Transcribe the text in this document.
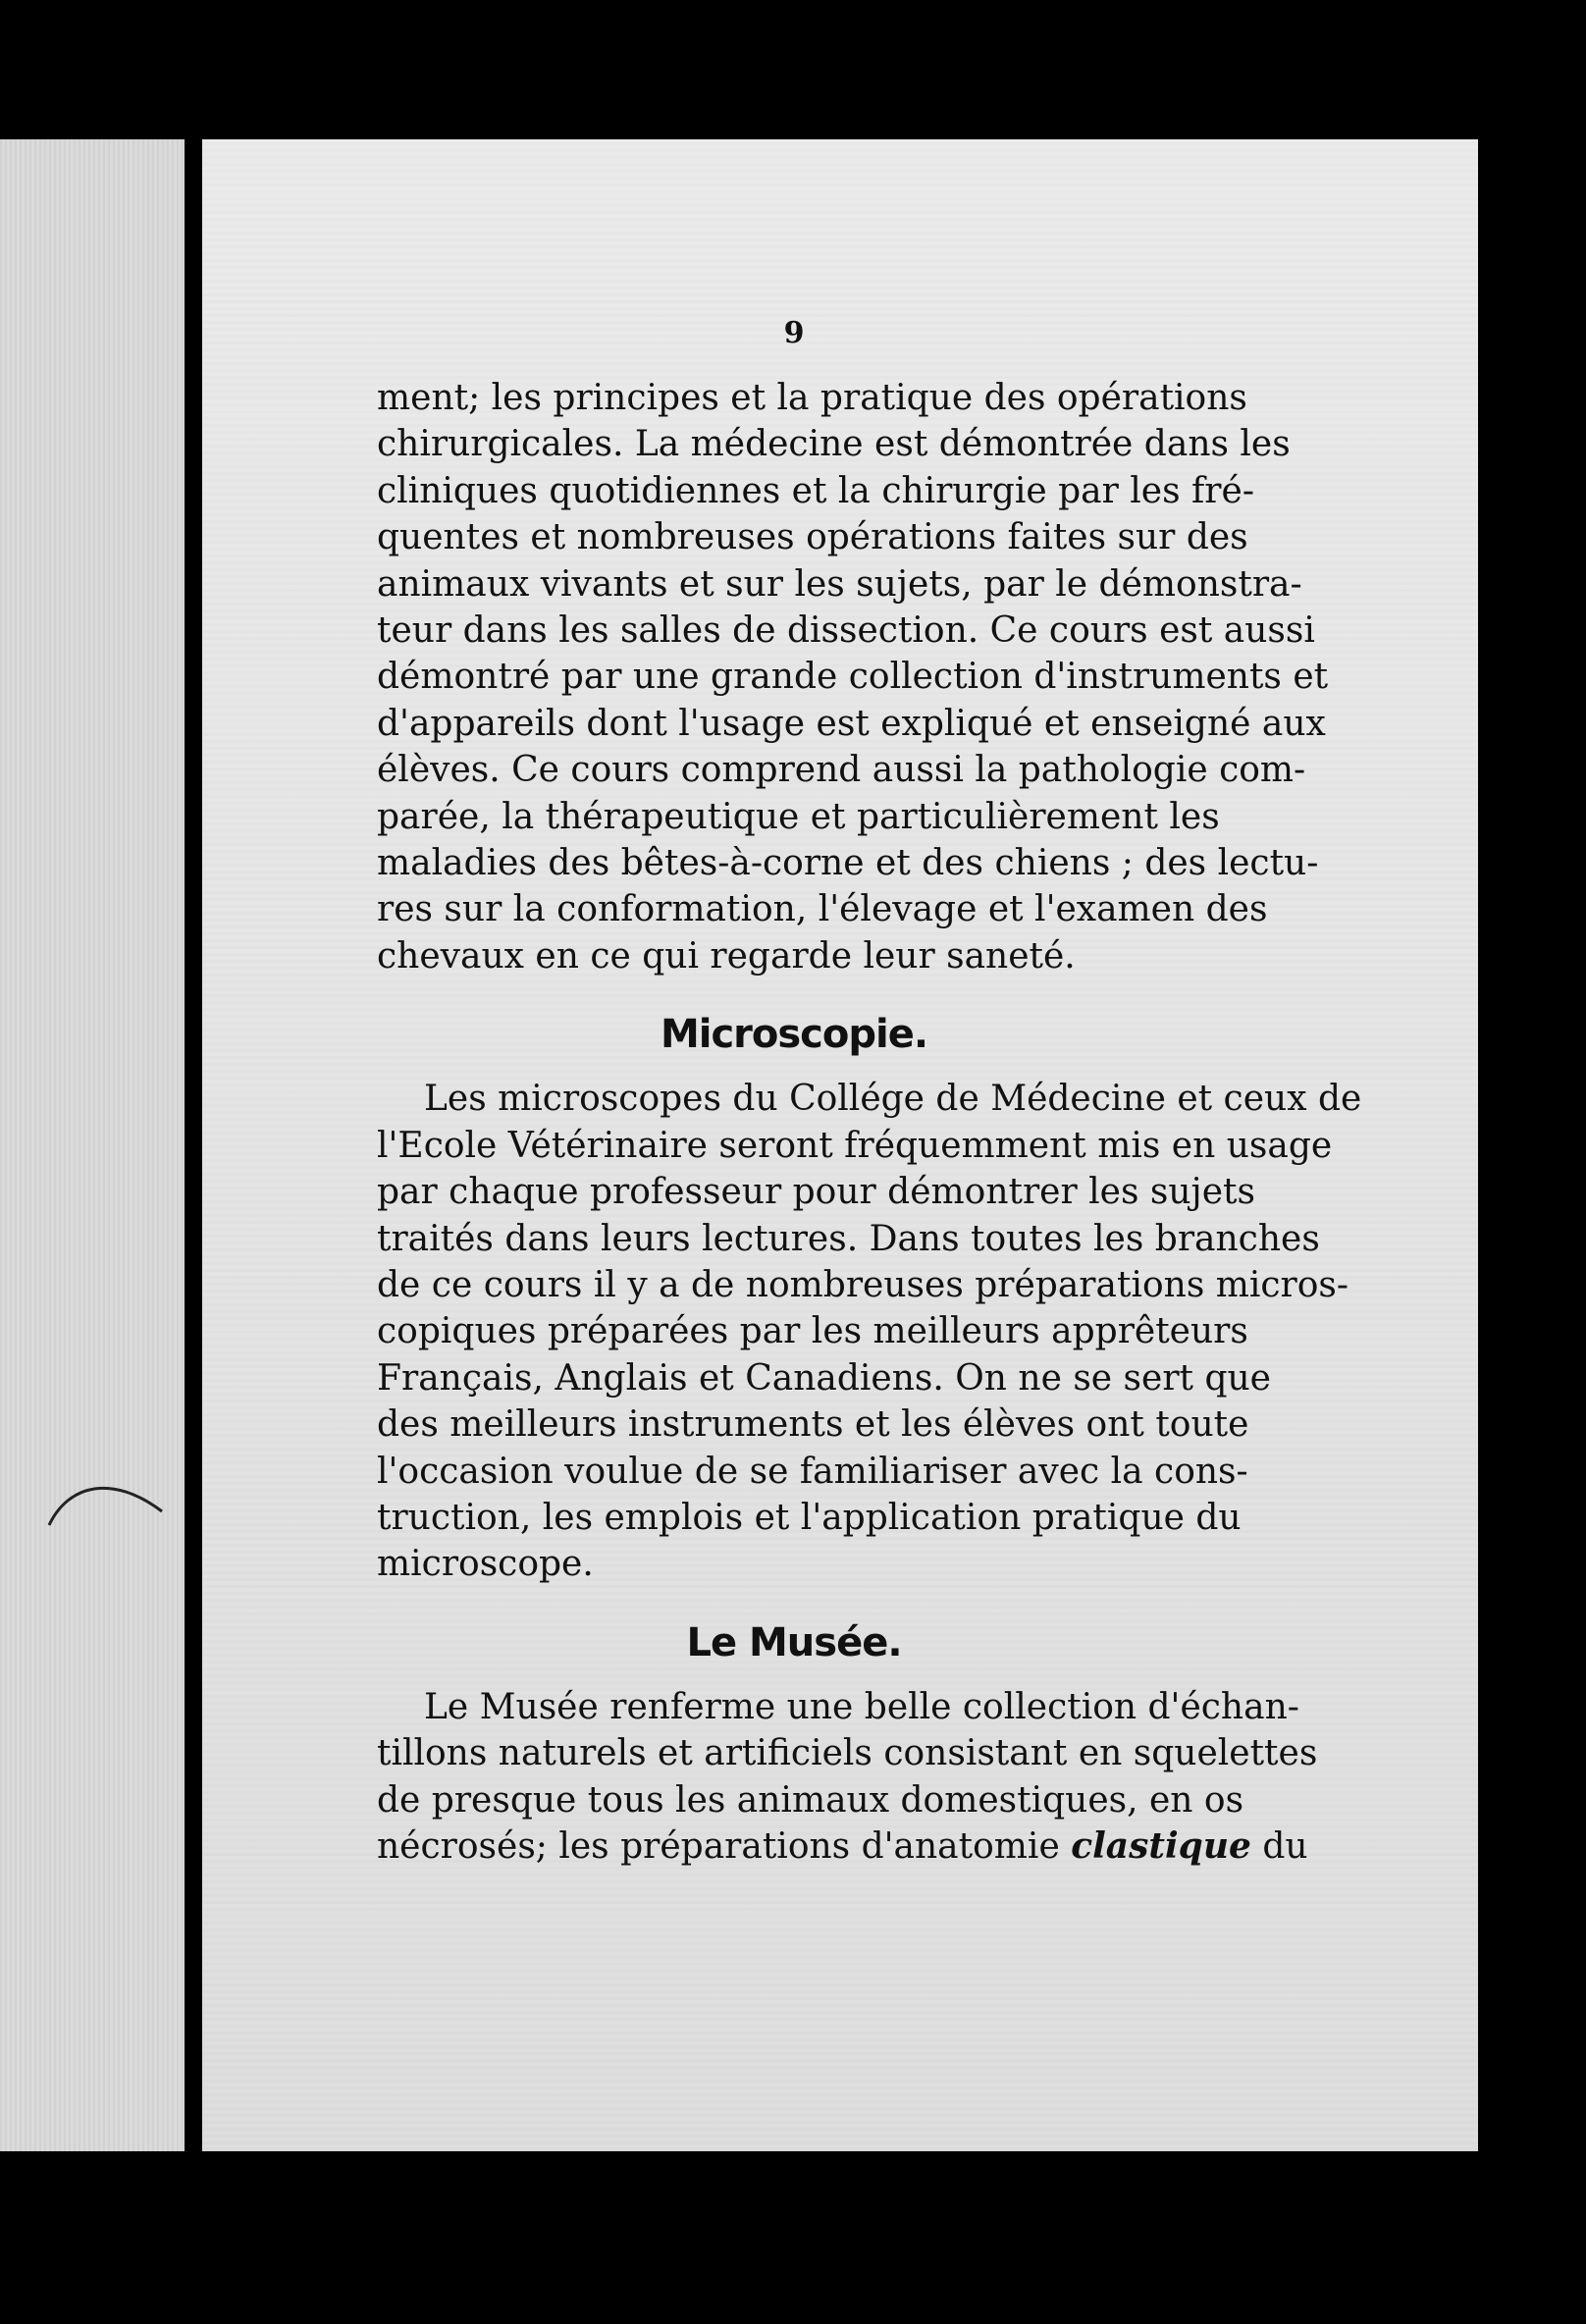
9

ment; les principes et la pratique des opérations
chirurgicales. La médecine est démontrée dans les
cliniques quotidiennes et la chirurgie par les fré-
quentes et nombreuses opérations faites sur des
animaux vivants et sur les sujets, par le démonstra-
teur dans les salles de dissection. Ce cours est aussi
démontré par une grande collection d'instruments et
d'appareils dont l'usage est expliqué et enseigné aux
élèves. Ce cours comprend aussi la pathologie com-
parée, la thérapeutique et particulièrement les
maladies des bêtes-à-corne et des chiens ; des lectu-
res sur la conformation, l'élevage et l'examen des
chevaux en ce qui regarde leur saneté.

Microscopie.

Les microscopes du Collége de Médecine et ceux de
l'Ecole Vétérinaire seront fréquemment mis en usage
par chaque professeur pour démontrer les sujets
traités dans leurs lectures. Dans toutes les branches
de ce cours il y a de nombreuses préparations micros-
copiques préparées par les meilleurs apprêteurs
Français, Anglais et Canadiens. On ne se sert que
des meilleurs instruments et les élèves ont toute
l'occasion voulue de se familiariser avec la cons-
truction, les emplois et l'application pratique du
microscope.

Le Musée.

Le Musée renferme une belle collection d'échan-
tillons naturels et artificiels consistant en squelettes
de presque tous les animaux domestiques, en os
nécrosés; les préparations d'anatomie clastique du
